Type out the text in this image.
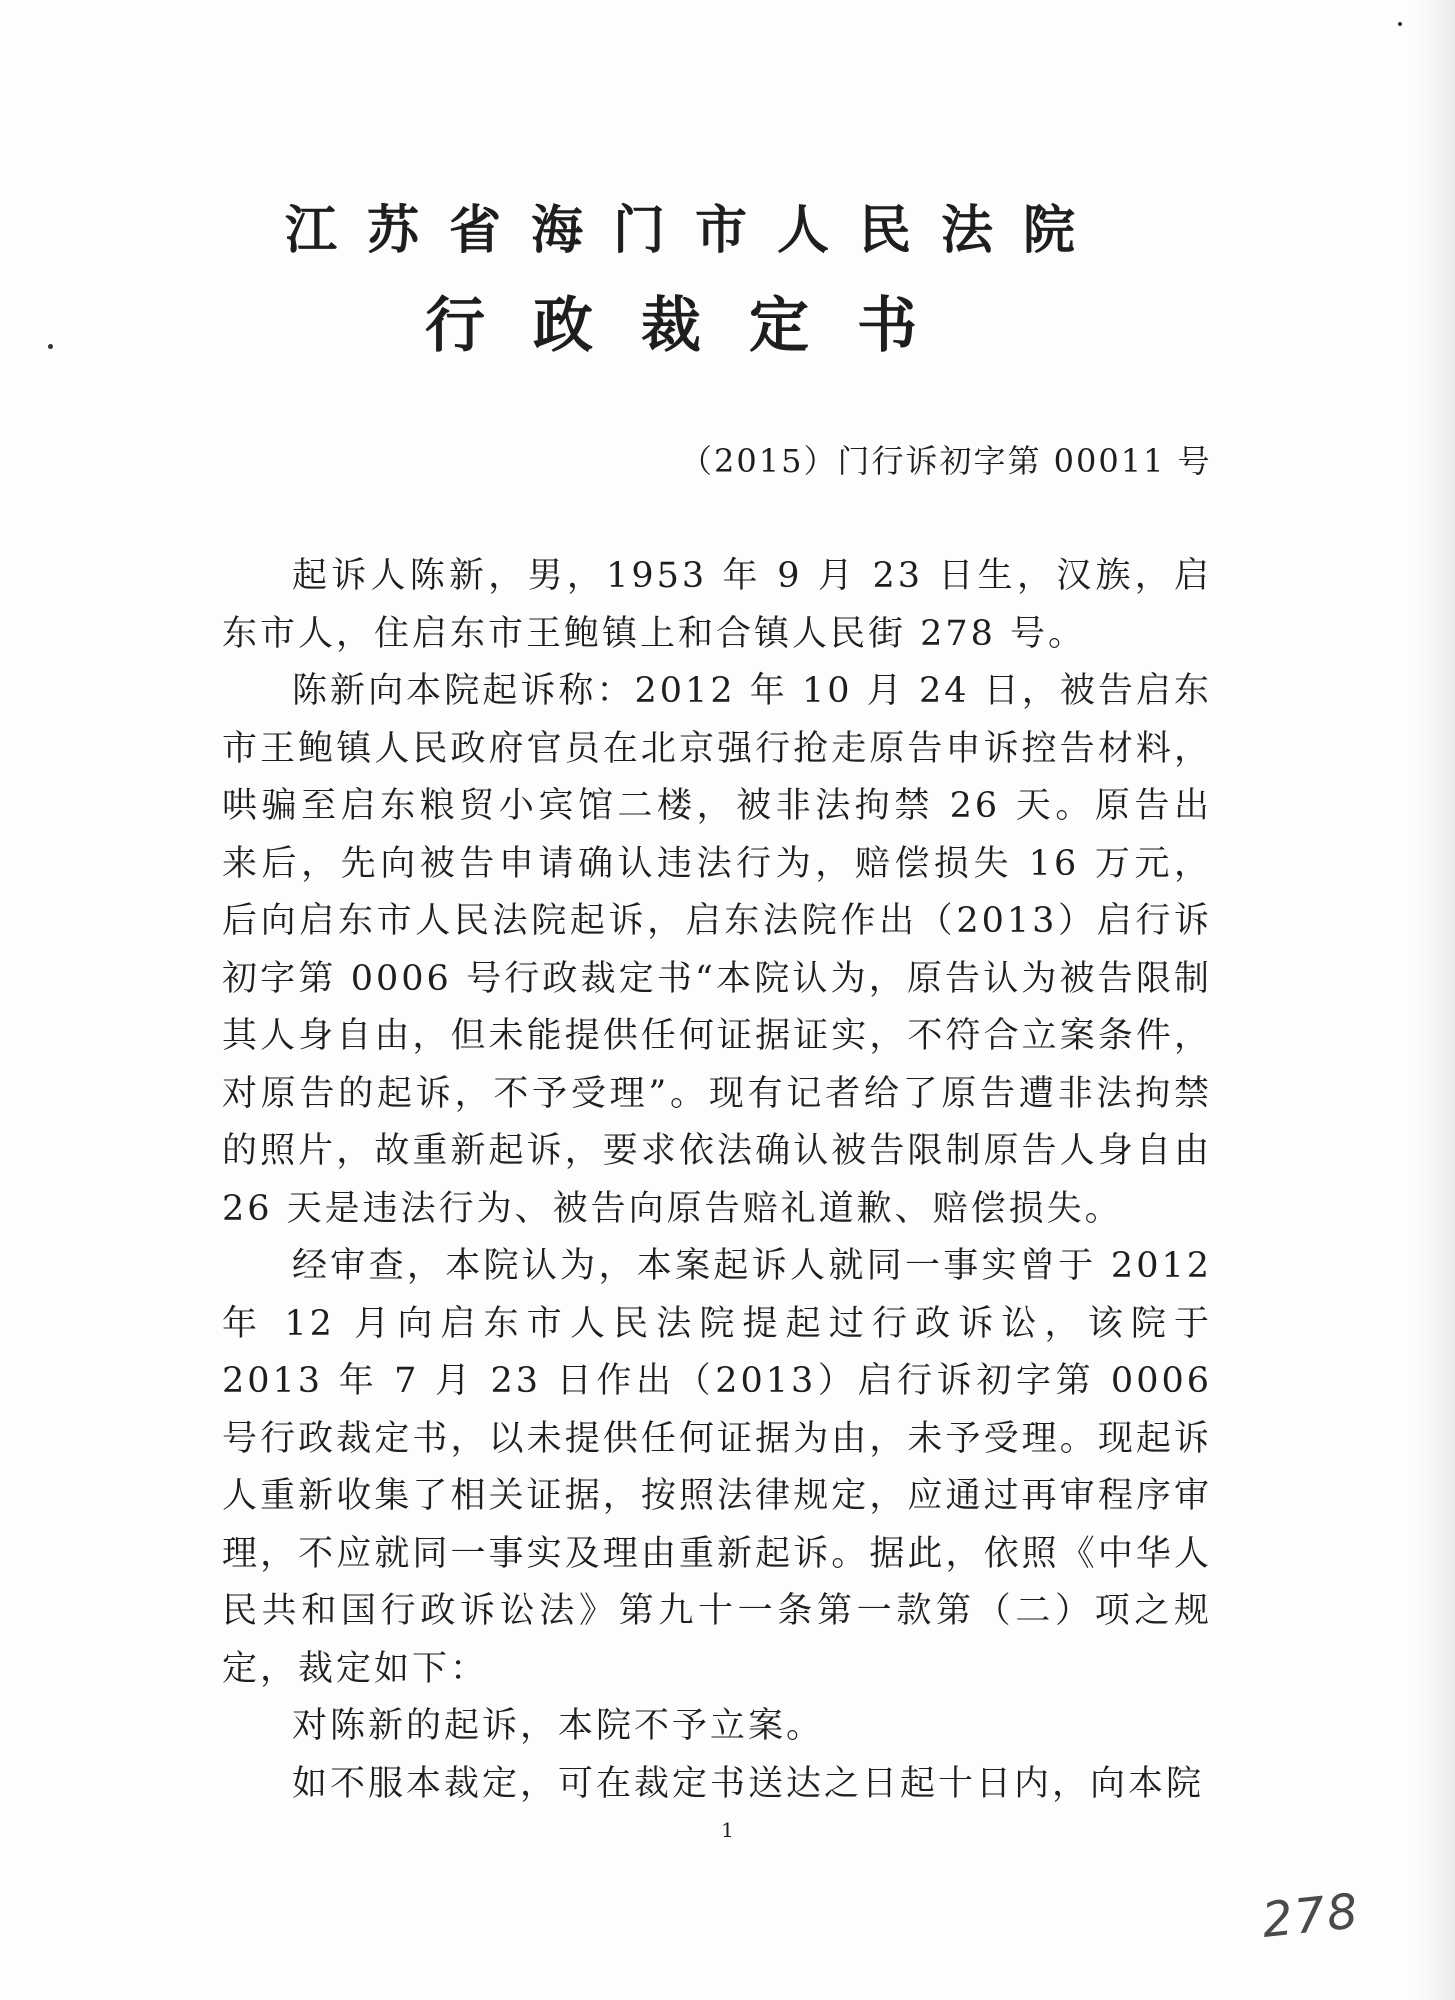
江苏省海门市人民法院
行政裁定书
（2015）门行诉初字第 00011 号

起诉人陈新，男，1953 年 9 月 23 日生，汉族，启东市人，住启东市王鲍镇上和合镇人民街 278 号。

陈新向本院起诉称：2012 年 10 月 24 日，被告启东市王鲍镇人民政府官员在北京强行抢走原告申诉控告材料，哄骗至启东粮贸小宾馆二楼，被非法拘禁 26 天。原告出来后，先向被告申请确认违法行为，赔偿损失 16 万元，后向启东市人民法院起诉，启东法院作出（2013）启行诉初字第 0006 号行政裁定书“本院认为，原告认为被告限制其人身自由，但未能提供任何证据证实，不符合立案条件，对原告的起诉，不予受理”。现有记者给了原告遭非法拘禁的照片，故重新起诉，要求依法确认被告限制原告人身自由 26 天是违法行为、被告向原告赔礼道歉、赔偿损失。

经审查，本院认为，本案起诉人就同一事实曾于 2012 年 12 月向启东市人民法院提起过行政诉讼，该院于 2013 年 7 月 23 日作出（2013）启行诉初字第 0006 号行政裁定书，以未提供任何证据为由，未予受理。现起诉人重新收集了相关证据，按照法律规定，应通过再审程序审理，不应就同一事实及理由重新起诉。据此，依照《中华人民共和国行政诉讼法》第九十一条第一款第（二）项之规定，裁定如下：

对陈新的起诉，本院不予立案。

如不服本裁定，可在裁定书送达之日起十日内，向本院

1
278
